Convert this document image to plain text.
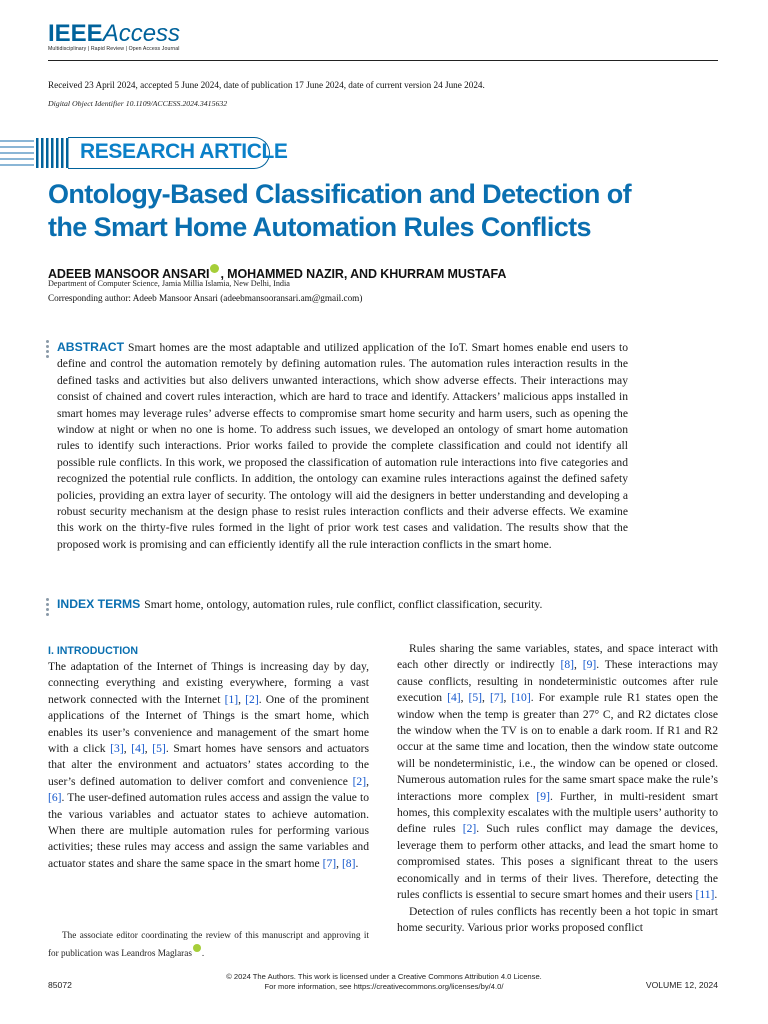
IEEEAccess
Multidisciplinary | Rapid Review | Open Access Journal
Received 23 April 2024, accepted 5 June 2024, date of publication 17 June 2024, date of current version 24 June 2024.
Digital Object Identifier 10.1109/ACCESS.2024.3415632
RESEARCH ARTICLE
Ontology-Based Classification and Detection of
the Smart Home Automation Rules Conflicts
ADEEB MANSOOR ANSARI , MOHAMMED NAZIR, AND KHURRAM MUSTAFA
Department of Computer Science, Jamia Millia Islamia, New Delhi, India
Corresponding author: Adeeb Mansoor Ansari (adeebmansooransari.am@gmail.com)
ABSTRACT Smart homes are the most adaptable and utilized application of the IoT. Smart homes enable end users to define and control the automation remotely by defining automation rules. The automation rules interaction results in the defined tasks and activities but also delivers unwanted interactions, which show adverse effects. Their interactions may consist of chained and covert rules interaction, which are hard to trace and identify. Attackers’ malicious apps installed in smart homes may leverage rules’ adverse effects to compromise smart home security and harm users, such as opening the window at night or when no one is home. To address such issues, we developed an ontology of smart home automation rules to identify such interactions. Prior works failed to provide the complete classification and could not identify all possible rule conflicts. In this work, we proposed the classification of automation rule interactions into five categories and recognized the potential rule conflicts. In addition, the ontology can examine rules interactions against the defined safety policies, providing an extra layer of security. The ontology will aid the designers in better understanding and developing a robust security mechanism at the design phase to resist rules interaction conflicts and their adverse effects. We examine this work on the thirty-five rules formed in the light of prior work test cases and validation. The results show that the proposed work is promising and can efficiently identify all the rule interaction conflicts in the smart home.
INDEX TERMS Smart home, ontology, automation rules, rule conflict, conflict classification, security.
I. INTRODUCTION

The adaptation of the Internet of Things is increasing day by day, connecting everything and existing everywhere, forming a vast network connected with the Internet [1], [2]. One of the prominent applications of the Internet of Things is the smart home, which enables its user’s convenience and management of the smart home with a click [3], [4], [5]. Smart homes have sensors and actuators that alter the environment and actuators’ states according to the user’s defined automation to deliver comfort and convenience [2], [6]. The user-defined automation rules access and assign the value to the various variables and actuator states to achieve automation. When there are multiple automation rules for performing various activities; these rules may access and assign the same variables and actuator states and share the same space in the smart home [7], [8].

Rules sharing the same variables, states, and space interact with each other directly or indirectly [8], [9]. These interactions may cause conflicts, resulting in nondeterministic outcomes after rule execution [4], [5], [7], [10]. For example rule R1 states open the window when the temp is greater than 27° C, and R2 dictates close the window when the TV is on to enable a dark room. If R1 and R2 occur at the same time and location, then the window state outcome will be nondeterministic, i.e., the window can be opened or closed. Numerous automation rules for the same smart space make the rule’s interactions more complex [9]. Further, in multi-resident smart homes, this complexity escalates with the multiple users’ authority to define rules [2]. Such rules conflict may damage the devices, leverage them to perform other attacks, and lead the smart home to compromised states. This poses a significant threat to the users economically and in terms of their lives. Therefore, detecting the rules conflicts is essential to secure smart homes and their users [11].

Detection of rules conflicts has recently been a hot topic in smart home security. Various prior works proposed conflict

The associate editor coordinating the review of this manuscript and approving it for publication was Leandros Maglaras .
© 2024 The Authors. This work is licensed under a Creative Commons Attribution 4.0 License.
For more information, see https://creativecommons.org/licenses/by/4.0/
85072	VOLUME 12, 2024
